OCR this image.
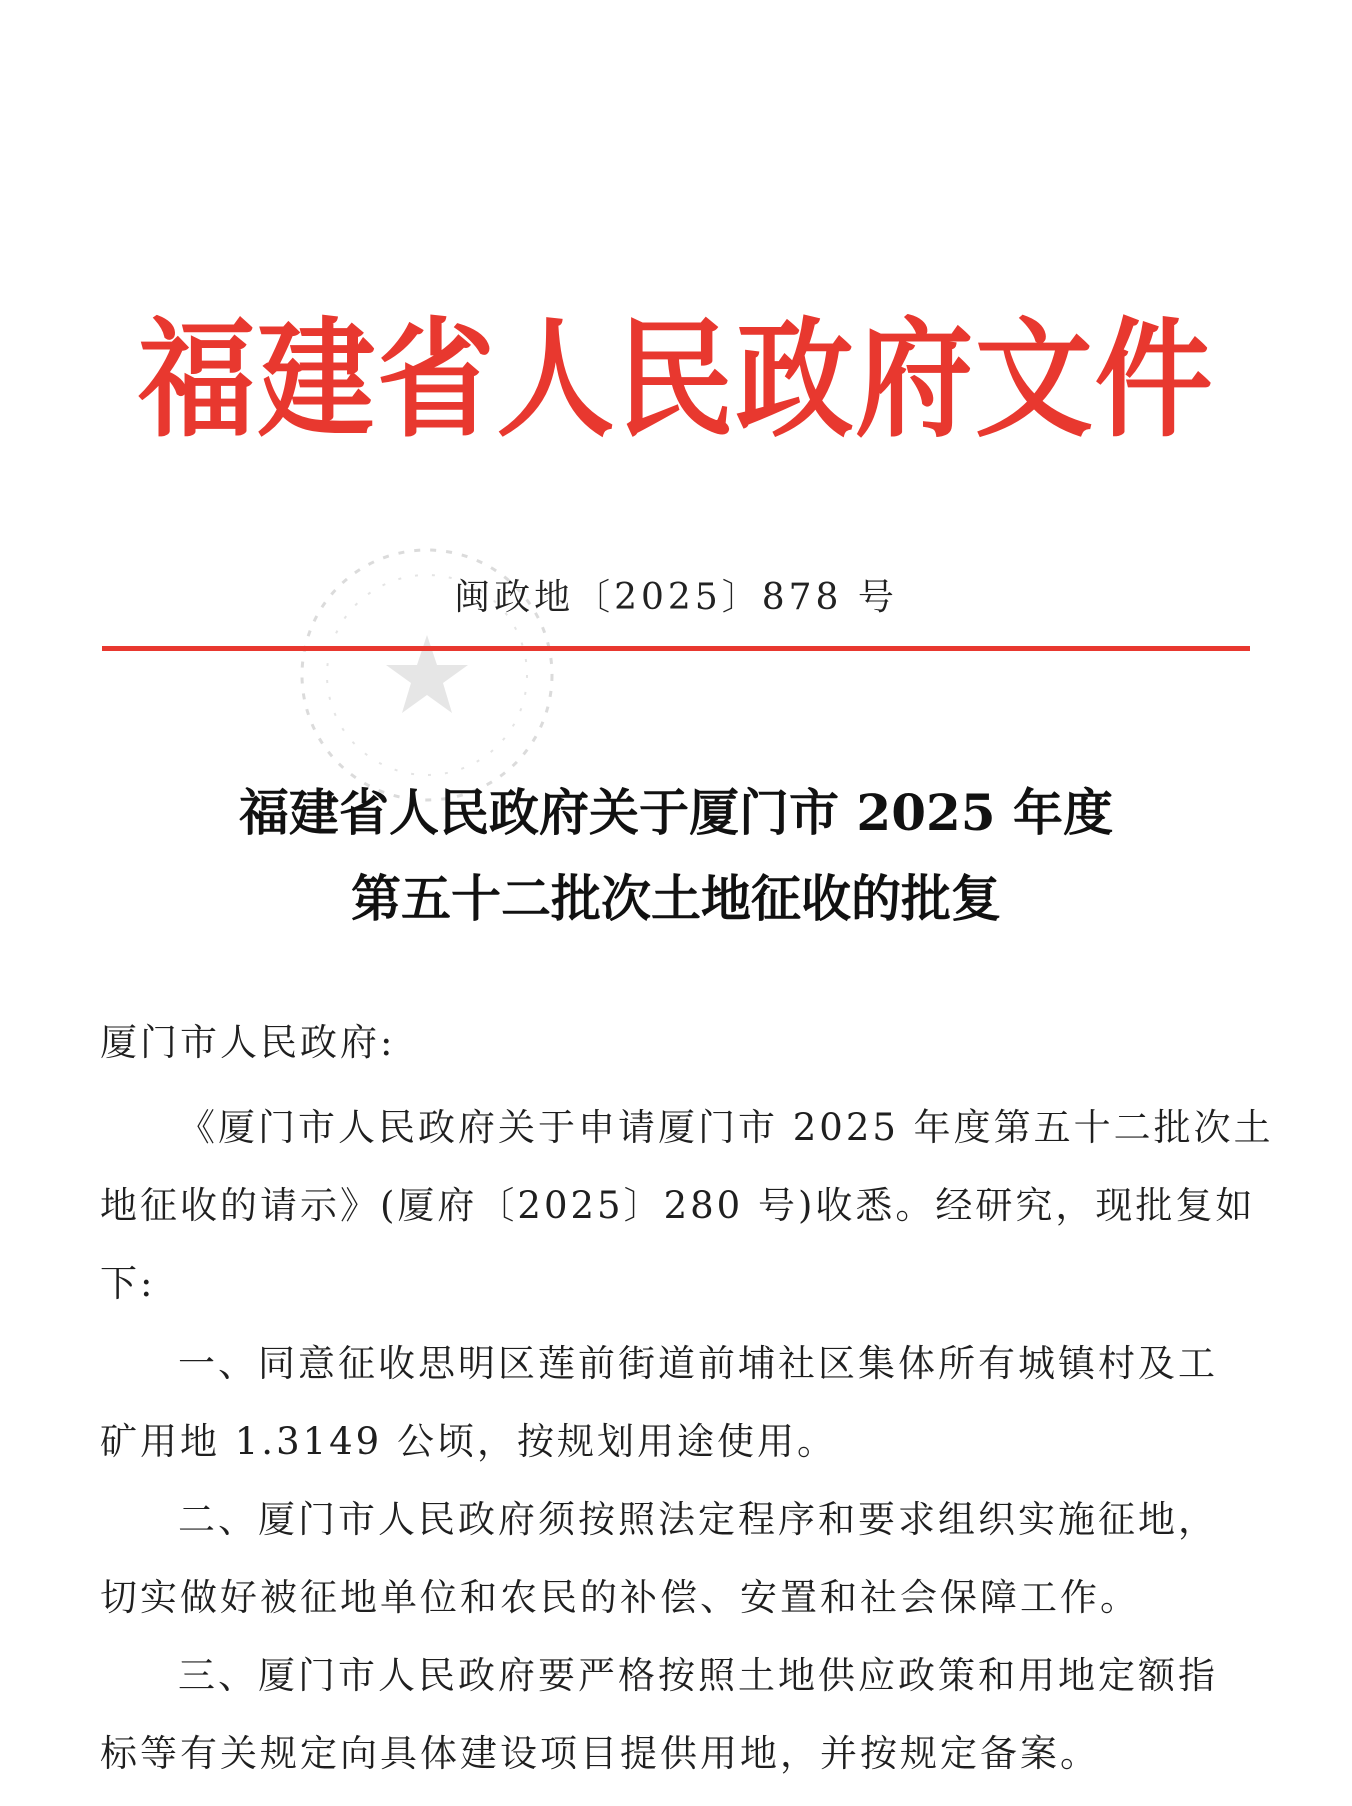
福建省人民政府文件
闽政地〔2025〕878 号
福建省人民政府关于厦门市 2025 年度
第五十二批次土地征收的批复
厦门市人民政府:
《厦门市人民政府关于申请厦门市 2025 年度第五十二批次土
地征收的请示》(厦府〔2025〕280 号)收悉。经研究，现批复如
下:
一、同意征收思明区莲前街道前埔社区集体所有城镇村及工
矿用地 1.3149 公顷，按规划用途使用。
二、厦门市人民政府须按照法定程序和要求组织实施征地，
切实做好被征地单位和农民的补偿、安置和社会保障工作。
三、厦门市人民政府要严格按照土地供应政策和用地定额指
标等有关规定向具体建设项目提供用地，并按规定备案。
